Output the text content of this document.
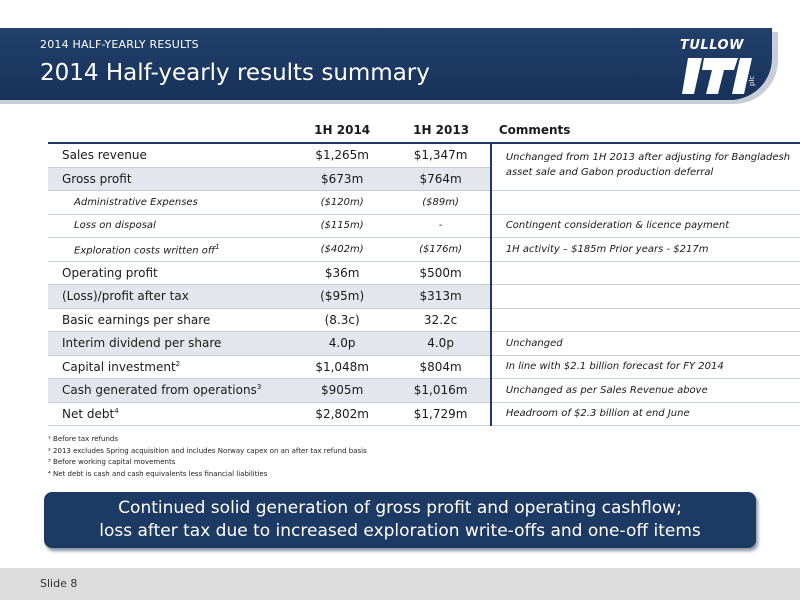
2014 HALF-YEARLY RESULTS
2014 Half-yearly results summary
TULLOW
plc
	1H 2014	1H 2013	Comments
Sales revenue	$1,265m	$1,347m	Unchanged from 1H 2013 after adjusting for Bangladesh asset sale and Gabon production deferral
Gross profit	$673m	$764m	
Administrative Expenses	($120m)	($89m)	
Loss on disposal	($115m)	-	Contingent consideration & licence payment
Exploration costs written off$^1$	($402m)	($176m)	1H activity – $185m Prior years - $217m
Operating profit	$36m	$500m	
(Loss)/profit after tax	($95m)	$313m	
Basic earnings per share	(8.3c)	32.2c	
Interim dividend per share	4.0p	4.0p	Unchanged
Capital investment$^2$	$1,048m	$804m	In line with $2.1 billion forecast for FY 2014
Cash generated from operations$^3$	$905m	$1,016m	Unchanged as per Sales Revenue above
Net debt$^4$	$2,802m	$1,729m	Headroom of $2.3 billion at end June
¹ Before tax refunds
² 2013 excludes Spring acquisition and includes Norway capex on an after tax refund basis
³ Before working capital movements
⁴ Net debt is cash and cash equivalents less financial liabilities
Continued solid generation of gross profit and operating cashflow;
loss after tax due to increased exploration write-offs and one-off items
Slide 8
